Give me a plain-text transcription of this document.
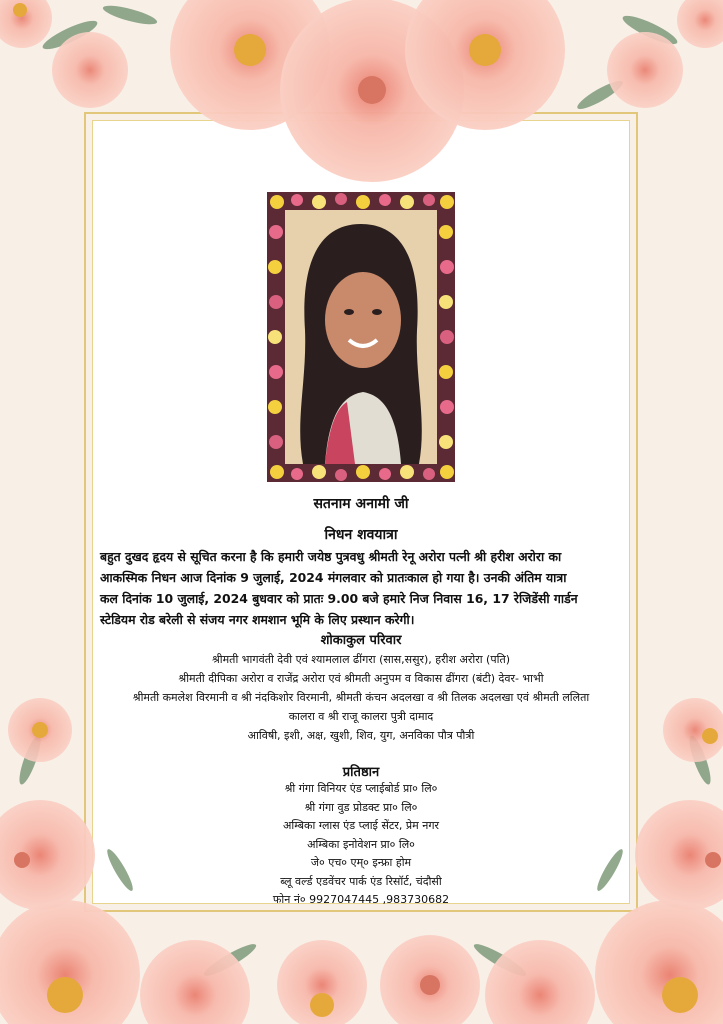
सतनाम अनामी जी
निधन शवयात्रा
बहुत दुखद हृदय से सूचित करना है कि हमारी जयेष्ठ पुत्रवधु श्रीमती रेनू अरोरा पत्नी श्री हरीश अरोरा का
आकस्मिक निधन आज दिनांक 9 जुलाई, 2024 मंगलवार को प्रातःकाल हो गया है। उनकी अंतिम यात्रा
कल दिनांक 10 जुलाई, 2024 बुधवार को प्रातः 9.00 बजे हमारे निज निवास 16, 17 रेजिडेंसी गार्डन
स्टेडियम रोड बरेली से संजय नगर शमशान भूमि के लिए प्रस्थान करेगी।
शोकाकुल परिवार
श्रीमती भागवंती देवी एवं श्यामलाल ढींगरा (सास,ससुर), हरीश अरोरा (पति)
श्रीमती दीपिका अरोरा व राजेंद्र अरोरा एवं श्रीमती अनुपम व विकास ढींगरा (बंटी) देवर- भाभी
श्रीमती कमलेश विरमानी व श्री नंदकिशोर विरमानी, श्रीमती कंचन अदलखा व श्री तिलक अदलखा एवं श्रीमती ललिता
कालरा व श्री राजू कालरा पुत्री दामाद
आविषी, इशी, अक्ष, खुशी, शिव, युग, अनविका पौत्र पौत्री
प्रतिष्ठान
श्री गंगा विनियर एंड प्लाईबोर्ड प्रा० लि०
श्री गंगा वुड प्रोडक्ट प्रा० लि०
अम्बिका ग्लास एंड प्लाई सेंटर, प्रेम नगर
अम्बिका इनोवेशन प्रा० लि०
जे० एच० एम्० इन्फ्रा होम
ब्लू वर्ल्ड एडवेंचर पार्क एंड रिसॉर्ट, चंदौसी
फोन नं० 9927047445 ,983730682
